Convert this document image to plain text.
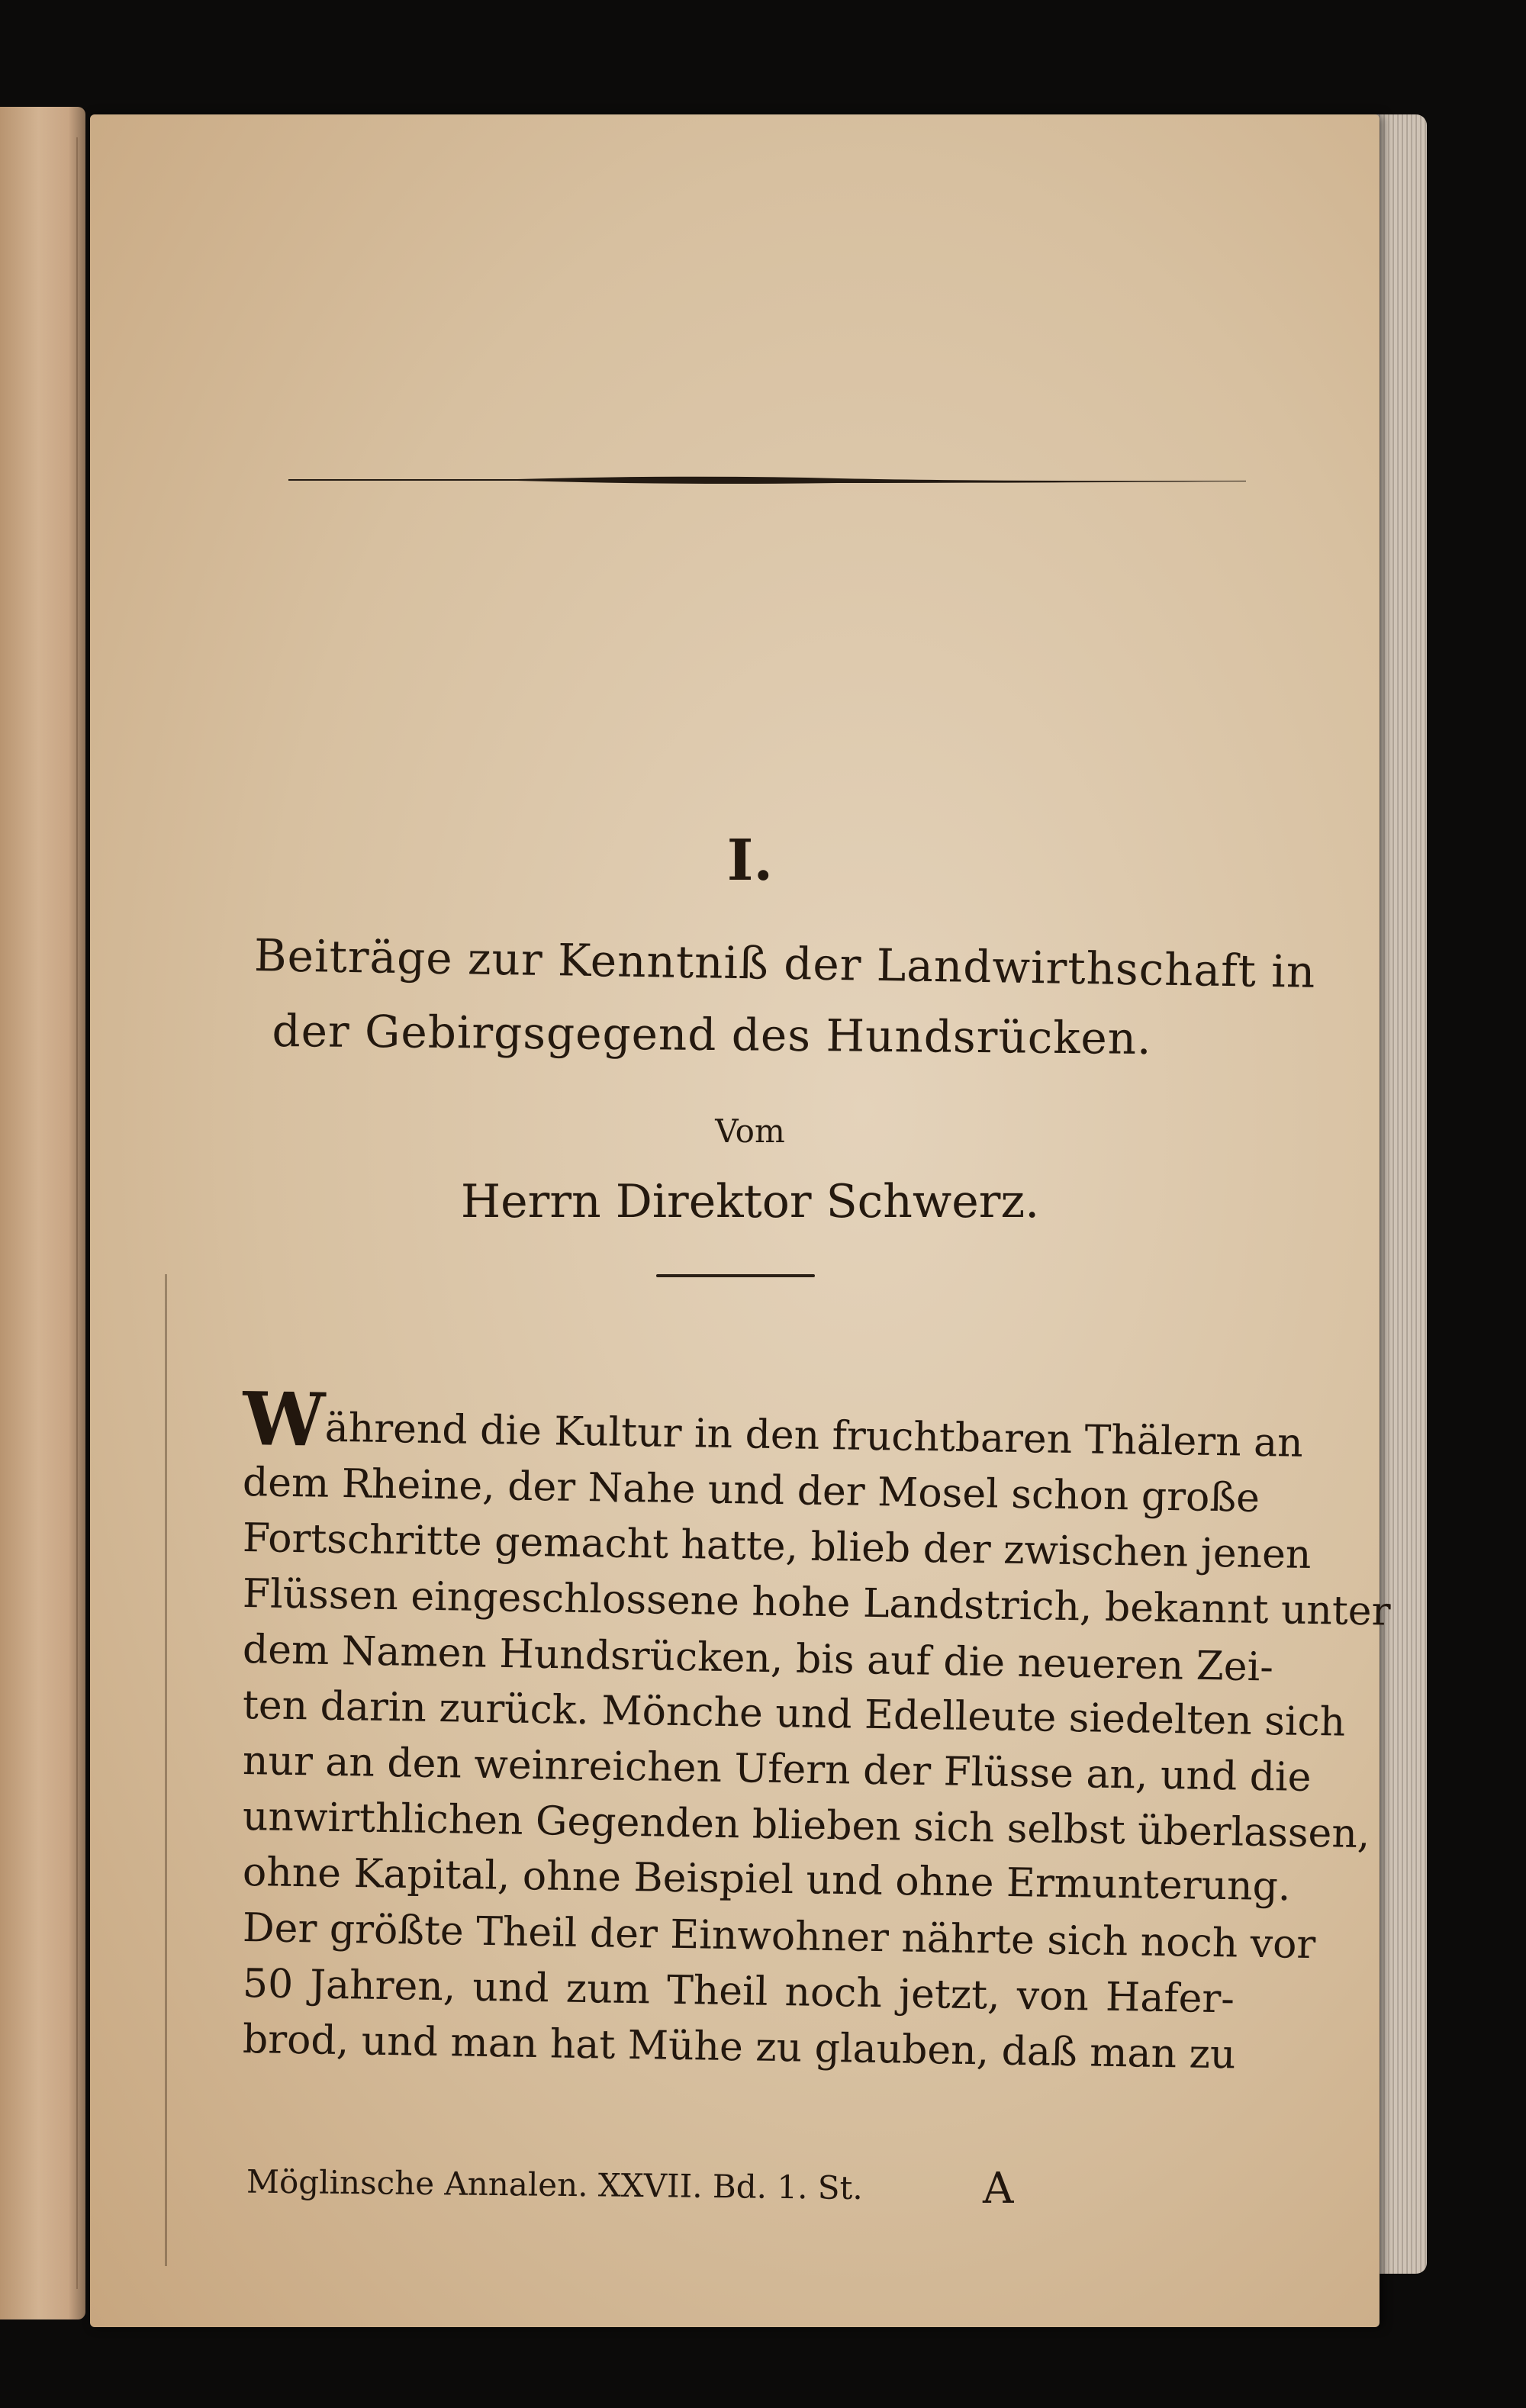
I.
Beiträge zur Kenntniß der Landwirthschaft in
der Gebirgsgegend des Hundsrücken.
Vom
Herrn Direktor Schwerz.
Während die Kultur in den fruchtbaren Thälern an
dem Rheine, der Nahe und der Mosel schon große
Fortschritte gemacht hatte, blieb der zwischen jenen
Flüssen eingeschlossene hohe Landstrich, bekannt unter
dem Namen Hundsrücken, bis auf die neueren Zei-
ten darin zurück. Mönche und Edelleute siedelten sich
nur an den weinreichen Ufern der Flüsse an, und die
unwirthlichen Gegenden blieben sich selbst überlassen,
ohne Kapital, ohne Beispiel und ohne Ermunterung.
Der größte Theil der Einwohner nährte sich noch vor
50 Jahren, und zum Theil noch jetzt, von Hafer-
brod, und man hat Mühe zu glauben, daß man zu
Möglinsche Annalen. XXVII. Bd. 1. St.	A
